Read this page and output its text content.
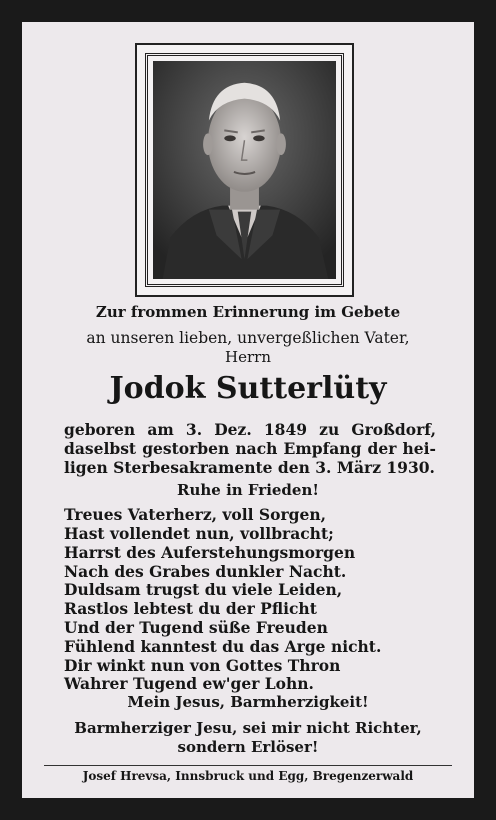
Zur frommen Erinnerung im Gebete
an unseren lieben, unvergeßlichen Vater,
Herrn
Jodok Sutterlüty
geboren am 3. Dez. 1849 zu Großdorf,
daselbst gestorben nach Empfang der hei-
ligen Sterbesakramente den 3. März 1930.
Ruhe in Frieden!
Treues Vaterherz, voll Sorgen,
Hast vollendet nun, vollbracht;
Harrst des Auferstehungsmorgen
Nach des Grabes dunkler Nacht.
Duldsam trugst du viele Leiden,
Rastlos lebtest du der Pflicht
Und der Tugend süße Freuden
Fühlend kanntest du das Arge nicht.
Dir winkt nun von Gottes Thron
Wahrer Tugend ew'ger Lohn.
Mein Jesus, Barmherzigkeit!
Barmherziger Jesu, sei mir nicht Richter,
sondern Erlöser!
Josef Hrevsa, Innsbruck und Egg, Bregenzerwald
